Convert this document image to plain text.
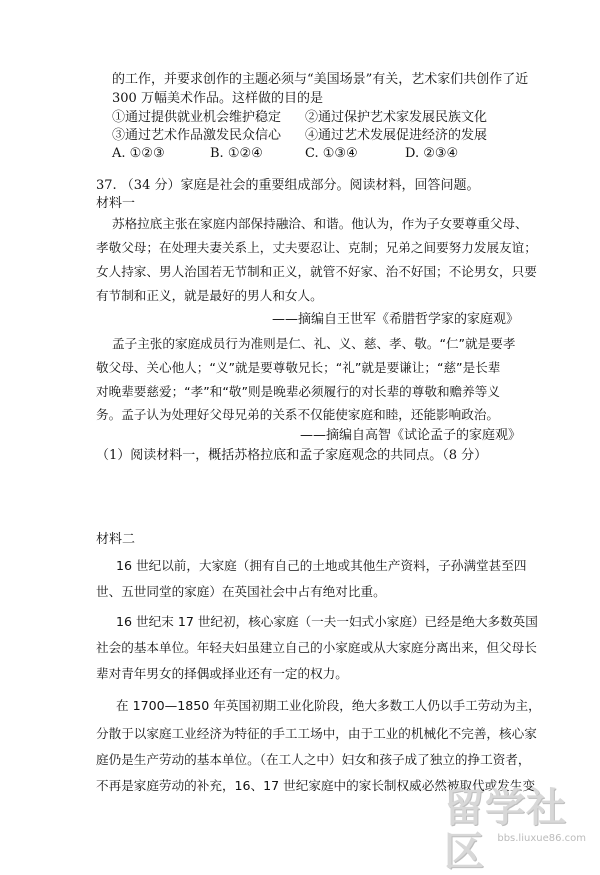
的工作，并要求创作的主题必须与“美国场景”有关，艺术家们共创作了近

300 万幅美术作品。这样做的目的是

①通过提供就业机会维护稳定 ②通过保护艺术家发展民族文化
③通过艺术作品激发民众信心 ④通过艺术发展促进经济的发展
A. ①②③	B. ①②④	C. ①③④	D. ②③④

37. （34 分）家庭是社会的重要组成部分。阅读材料，回答问题。

材料一

苏格拉底主张在家庭内部保持融洽、和谐。他认为，作为子女要尊重父母、

孝敬父母；在处理夫妻关系上，丈夫要忍让、克制；兄弟之间要努力发展友谊；

女人持家、男人治国若无节制和正义，就管不好家、治不好国；不论男女，只要

有节制和正义，就是最好的男人和女人。

——摘编自王世军《希腊哲学家的家庭观》

孟子主张的家庭成员行为准则是仁、礼、义、慈、孝、敬。“仁”就是要孝

敬父母、关心他人；“义”就是要尊敬兄长；“礼”就是要谦让；“慈”是长辈

对晚辈要慈爱；“孝”和“敬”则是晚辈必须履行的对长辈的尊敬和赡养等义

务。孟子认为处理好父母兄弟的关系不仅能使家庭和睦，还能影响政治。

——摘编自高智《试论孟子的家庭观》

（1）阅读材料一，概括苏格拉底和孟子家庭观念的共同点。（8 分）

材料二

16 世纪以前，大家庭（拥有自己的土地或其他生产资料，子孙满堂甚至四

世、五世同堂的家庭）在英国社会中占有绝对比重。

16 世纪末 17 世纪初，核心家庭（一夫一妇式小家庭）已经是绝大多数英国

社会的基本单位。年轻夫妇虽建立自己的小家庭或从大家庭分离出来，但父母长

辈对青年男女的择偶或择业还有一定的权力。

在 1700—1850 年英国初期工业化阶段，绝大多数工人仍以手工劳动为主，

分散于以家庭工业经济为特征的手工工场中，由于工业的机械化不完善，核心家

庭仍是生产劳动的基本单位。（在工人之中）妇女和孩子成了独立的挣工资者，

不再是家庭劳动的补充，16、17 世纪家庭中的家长制权威必然被取代或发生变

留学社区	bbs.liuxue86.com
